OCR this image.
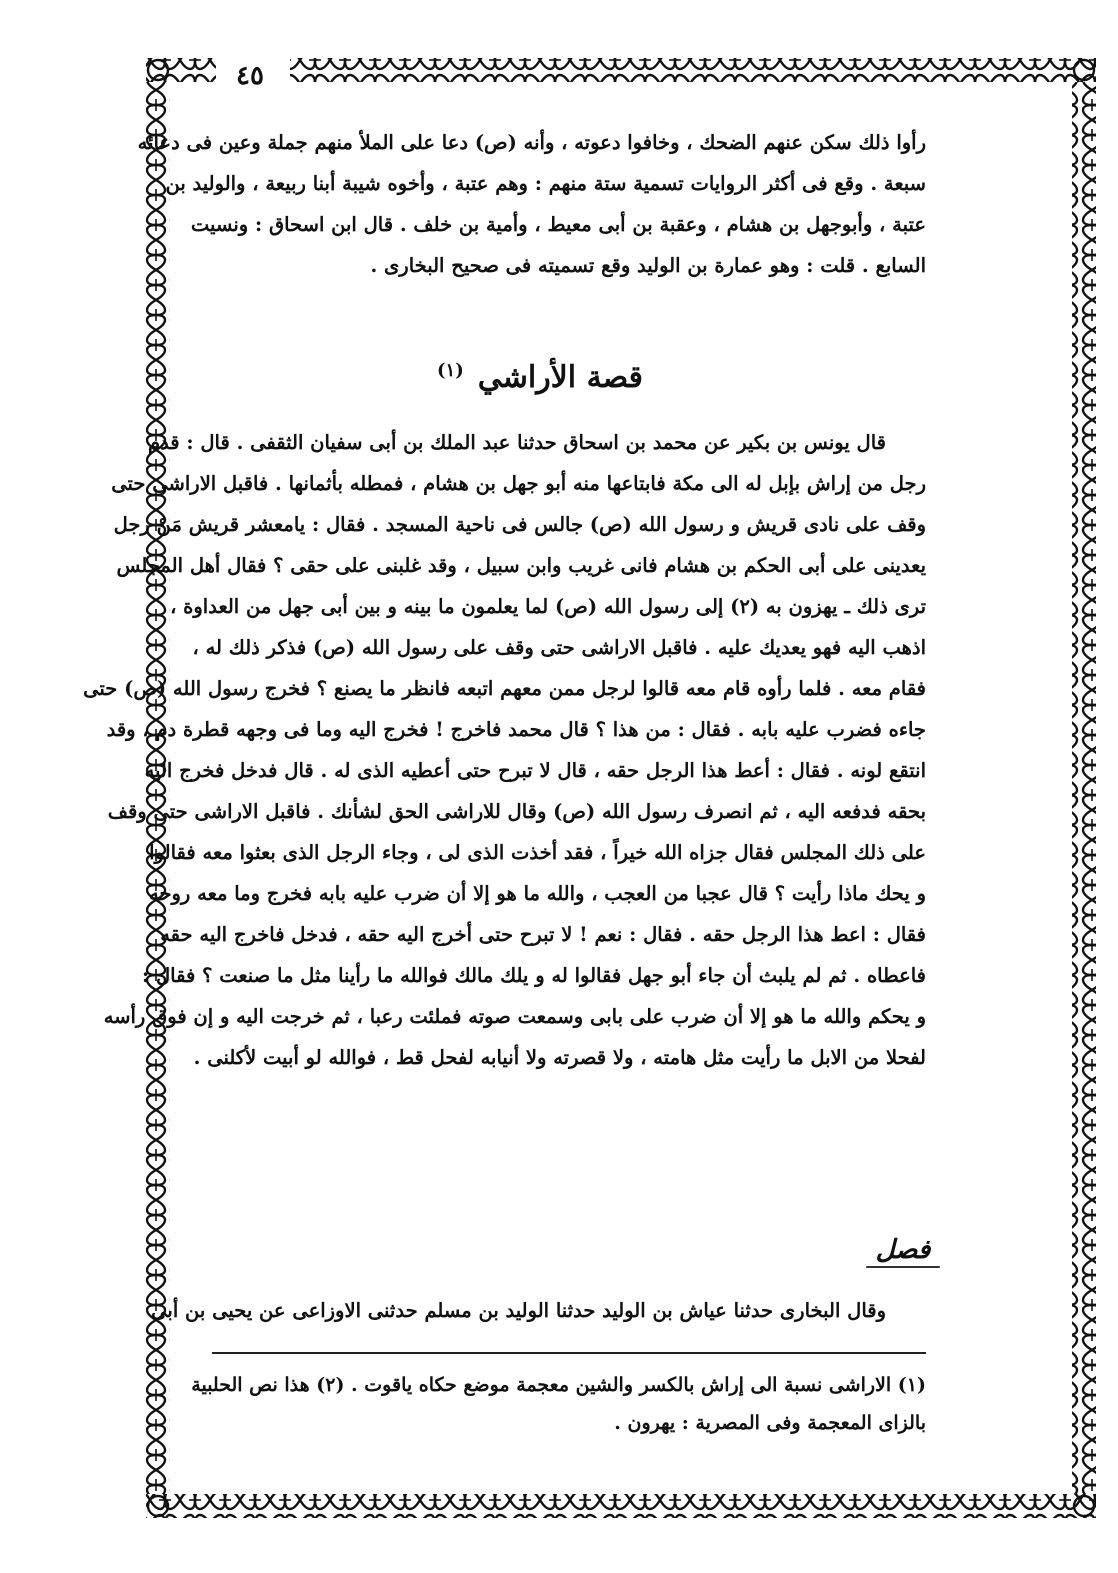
٤٥
رأوا ذلك سكن عنهم الضحك ، وخافوا دعوته ، وأنه (ص) دعا على الملأ منهم جملة وعين فى دعائه
سبعة . وقع فى أكثر الروايات تسمية ستة منهم : وهم عتبة ، وأخوه شيبة أبنا ربيعة ، والوليد بن
عتبة ، وأبوجهل بن هشام ، وعقبة بن أبى معيط ، وأمية بن خلف . قال ابن اسحاق : ونسيت
السابع . قلت : وهو عمارة بن الوليد وقع تسميته فى صحيح البخارى .
قصة الأراشي$^{(١)}$
قال يونس بن بكير عن محمد بن اسحاق حدثنا عبد الملك بن أبى سفيان الثقفى . قال : قدم
رجل من إراش بإبل له الى مكة فابتاعها منه أبو جهل بن هشام ، فمطله بأثمانها . فاقبل الاراشى حتى
وقف على نادى قريش و رسول الله (ص) جالس فى ناحية المسجد . فقال : يامعشر قريش مَنْ رجل
يعدينى على أبى الحكم بن هشام فانى غريب وابن سبيل ، وقد غلبنى على حقى ؟ فقال أهل المجلس
ترى ذلك ـ يهزون به (٢) إلى رسول الله (ص) لما يعلمون ما بينه و بين أبى جهل من العداوة ،
اذهب اليه فهو يعديك عليه . فاقبل الاراشى حتى وقف على رسول الله (ص) فذكر ذلك له ،
فقام معه . فلما رأوه قام معه قالوا لرجل ممن معهم اتبعه فانظر ما يصنع ؟ فخرج رسول الله (ص) حتى
جاءه فضرب عليه بابه . فقال : من هذا ؟ قال محمد فاخرج ! فخرج اليه وما فى وجهه قطرة دم ، وقد
انتقع لونه . فقال : أعط هذا الرجل حقه ، قال لا تبرح حتى أعطيه الذى له . قال فدخل فخرج اليه
بحقه فدفعه اليه ، ثم انصرف رسول الله (ص) وقال للاراشى الحق لشأنك . فاقبل الاراشى حتى وقف
على ذلك المجلس فقال جزاه الله خيراً ، فقد أخذت الذى لى ، وجاء الرجل الذى بعثوا معه فقالوا
و يحك ماذا رأيت ؟ قال عجبا من العجب ، والله ما هو إلا أن ضرب عليه بابه فخرج وما معه روحه
فقال : اعط هذا الرجل حقه . فقال : نعم ! لا تبرح حتى أخرج اليه حقه ، فدخل فاخرج اليه حقه
فاعطاه . ثم لم يلبث أن جاء أبو جهل فقالوا له و يلك مالك فوالله ما رأينا مثل ما صنعت ؟ فقال :
و يحكم والله ما هو إلا أن ضرب على بابى وسمعت صوته فملئت رعبا ، ثم خرجت اليه و إن فوق رأسه
لفحلا من الابل ما رأيت مثل هامته ، ولا قصرته ولا أنيابه لفحل قط ، فوالله لو أبيت لأكلنى .
فصل
وقال البخارى حدثنا عياش بن الوليد حدثنا الوليد بن مسلم حدثنى الاوزاعى عن يحيى بن أبى
(١) الاراشى نسبة الى إراش بالكسر والشين معجمة موضع حكاه ياقوت . (٢) هذا نص الحلبية
بالزاى المعجمة وفى المصرية : يهرون .
